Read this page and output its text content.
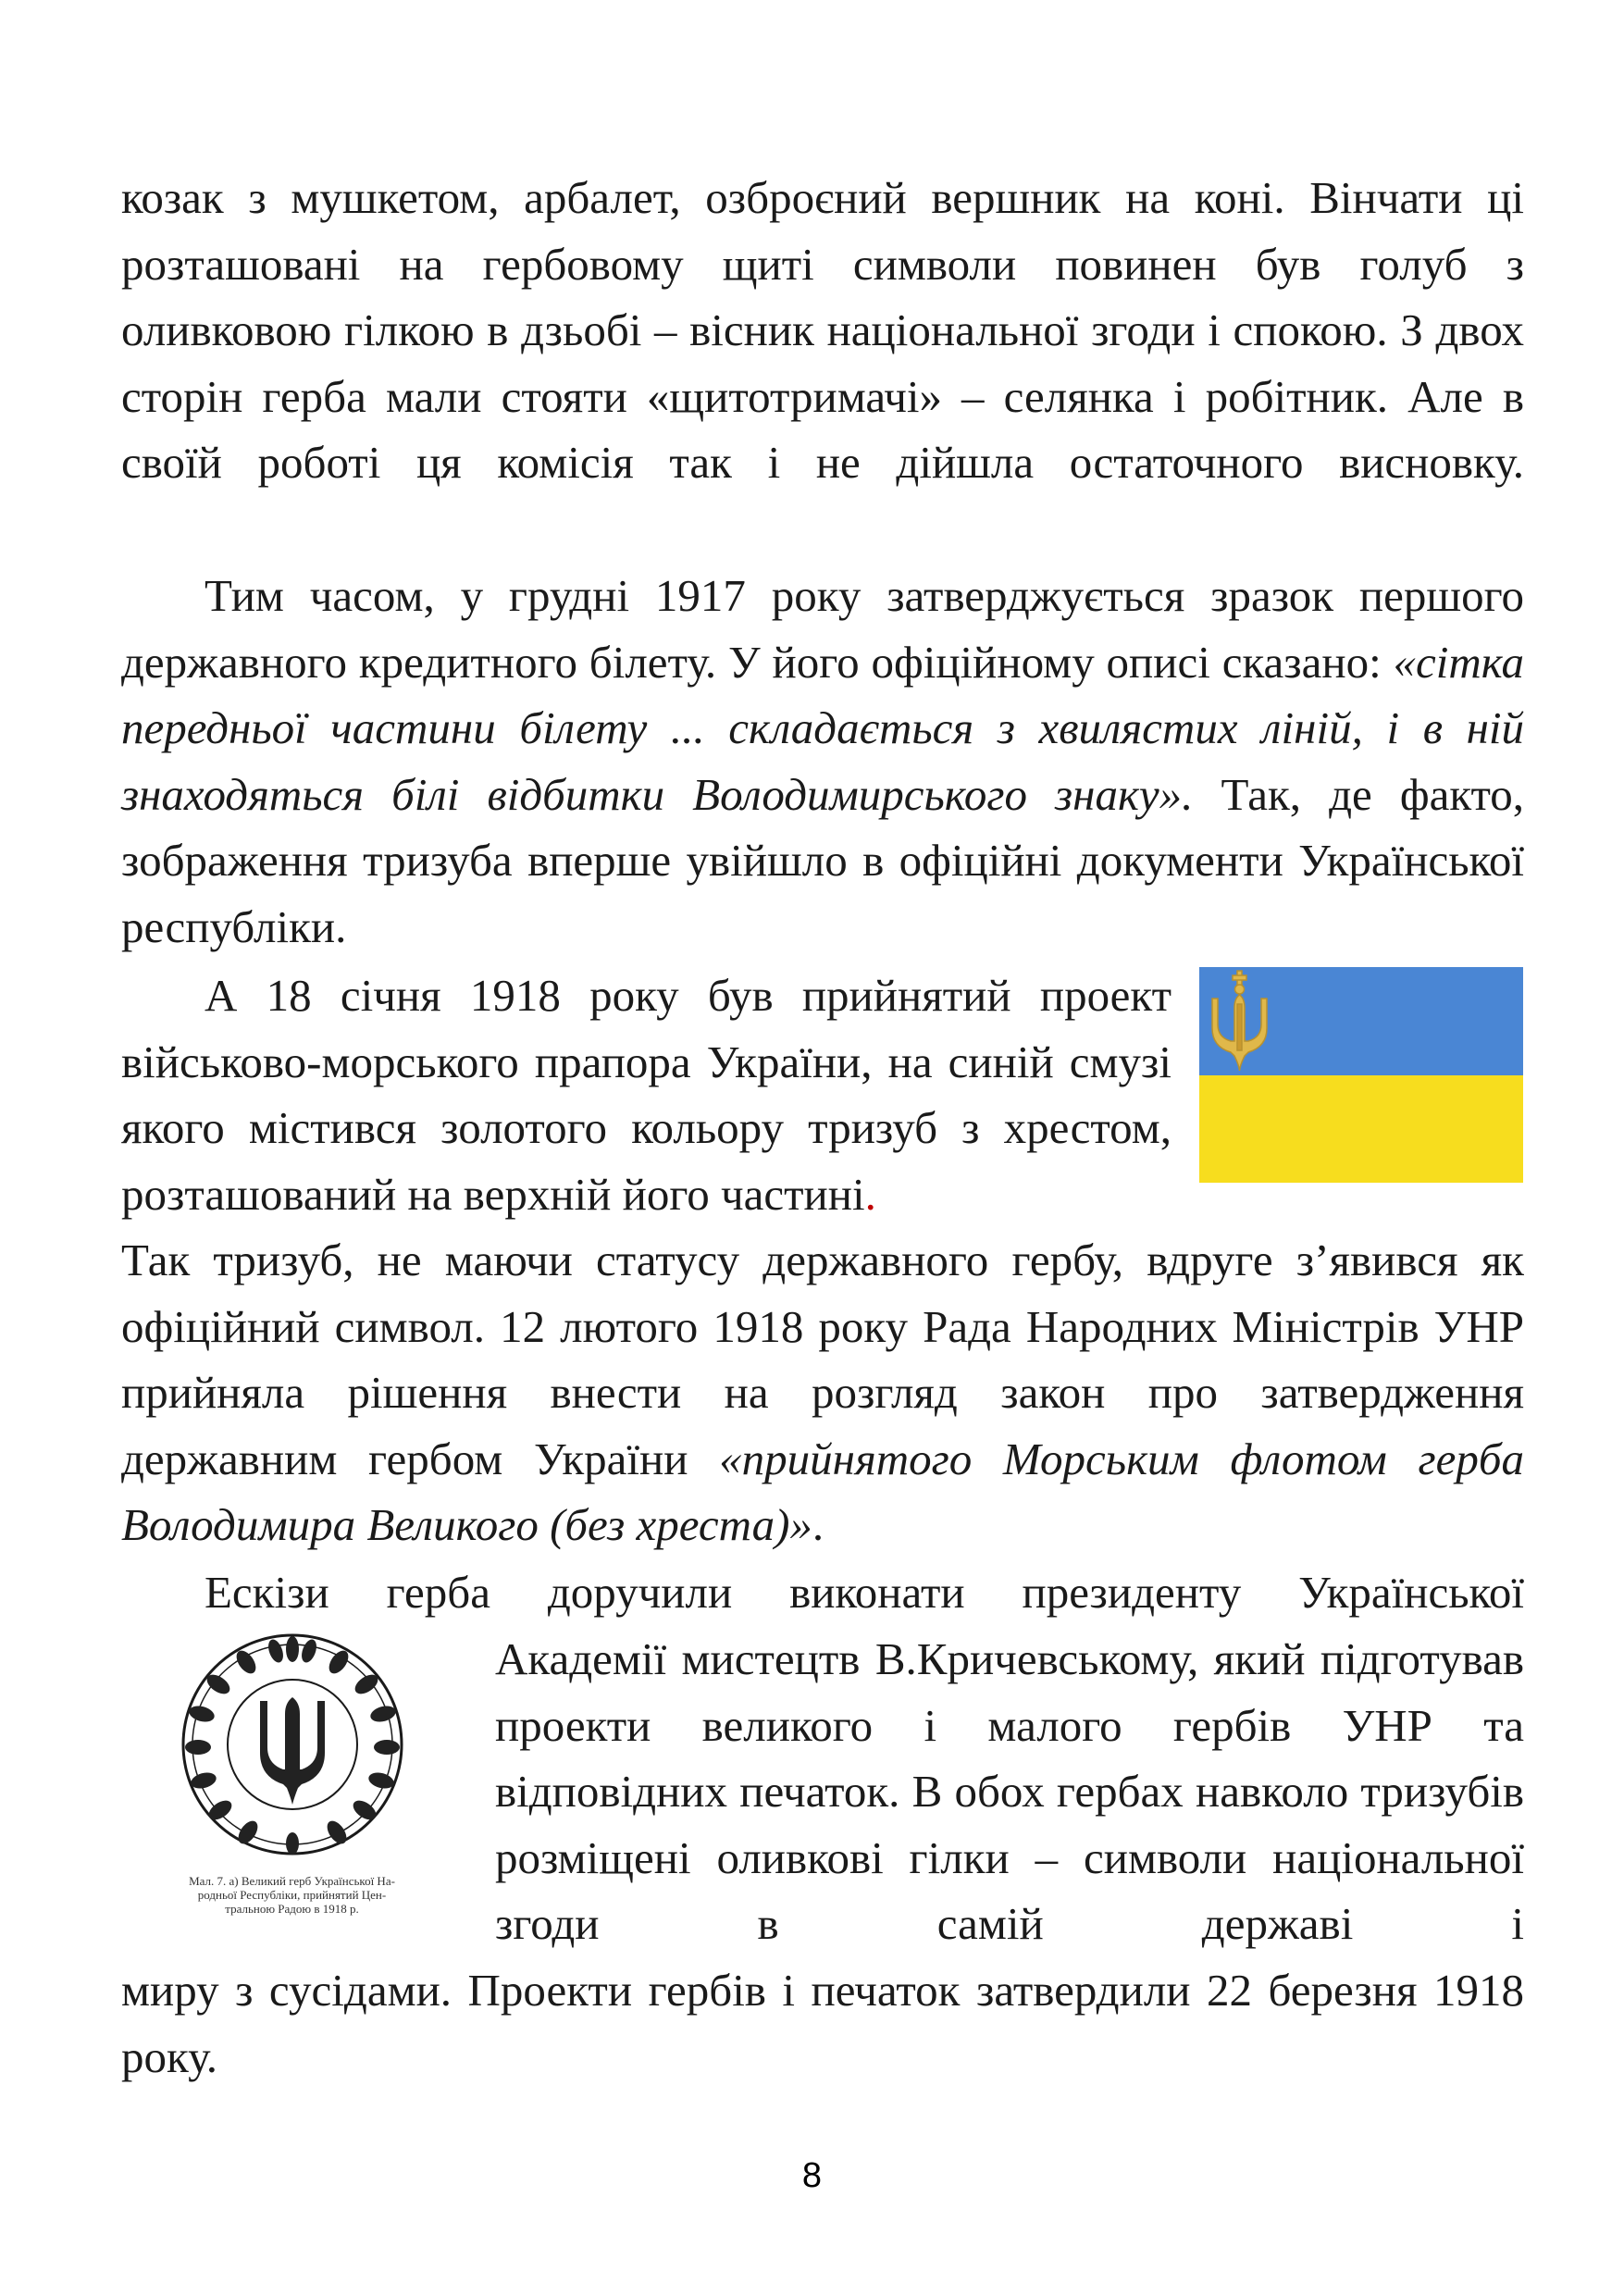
козак з мушкетом, арбалет, озброєний вершник на коні. Вінчати ці розташовані на гербовому щиті символи повинен був голуб з оливковою гілкою в дзьобі – вісник національної згоди і спокою. З двох сторін герба мали стояти «щитотримачі» – селянка і робітник. Але в своїй роботі ця комісія так і не дійшла остаточного висновку.

Тим часом, у грудні 1917 року затверджується зразок першого державного кредитного білету. У його офіційному описі сказано: «сітка передньої частини білету ... складається з хвилястих ліній, і в ній знаходяться білі відбитки Володимирського знаку». Так, де факто, зображення тризуба вперше увійшло в офіційні документи Української республіки.

А 18 січня 1918 року був прийнятий проект військово-морського прапора України, на синій смузі якого містився золотого кольору тризуб з хрестом, розташований на верхній його частині.

Так тризуб, не маючи статусу державного гербу, вдруге з’явився як офіційний символ. 12 лютого 1918 року Рада Народних Міністрів УНР прийняла рішення внести на розгляд закон про затвердження державним гербом України «прийнятого Морським флотом герба Володимира Великого (без хреста)».

Ескізи герба доручили виконати президенту Української

Мал. 7. а) Великий герб Української На-
родньої Республіки, прийнятий Цен-
тральною Радою в 1918 р.

Академії мистецтв В.Кричевському, який підготував проекти великого і малого гербів УНР та відповідних печаток. В обох гербах навколо тризубів розміщені оливкові гілки – символи національної згоди в самій державі і

миру з сусідами. Проекти гербів і печаток затвердили 22 березня 1918 року.

8
